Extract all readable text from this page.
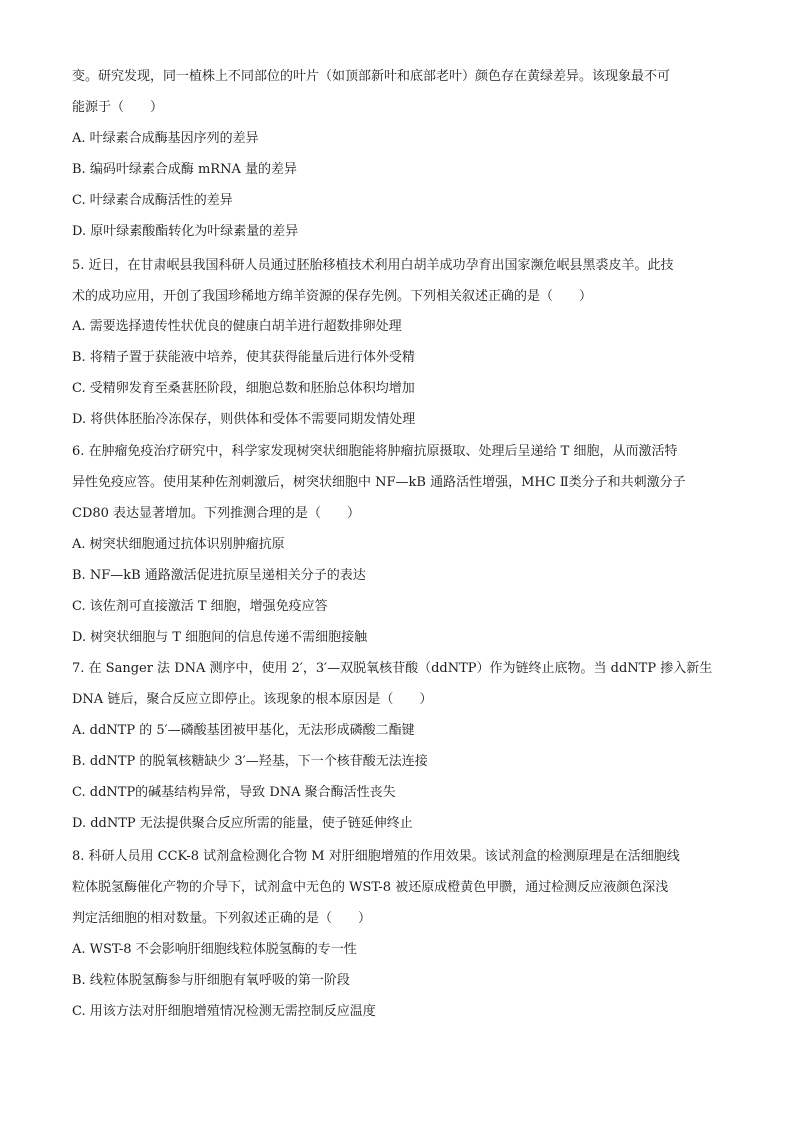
变。研究发现，同一植株上不同部位的叶片（如顶部新叶和底部老叶）颜色存在黄绿差异。该现象最不可
能源于（　　）
A. 叶绿素合成酶基因序列的差异
B. 编码叶绿素合成酶 mRNA 量的差异
C. 叶绿素合成酶活性的差异
D. 原叶绿素酸酯转化为叶绿素量的差异
5. 近日，在甘肃岷县我国科研人员通过胚胎移植技术利用白胡羊成功孕育出国家濒危岷县黑裘皮羊。此技
术的成功应用，开创了我国珍稀地方绵羊资源的保存先例。下列相关叙述正确的是（　　）
A. 需要选择遗传性状优良的健康白胡羊进行超数排卵处理
B. 将精子置于获能液中培养，使其获得能量后进行体外受精
C. 受精卵发育至桑葚胚阶段，细胞总数和胚胎总体积均增加
D. 将供体胚胎冷冻保存，则供体和受体不需要同期发情处理
6. 在肿瘤免疫治疗研究中，科学家发现树突状细胞能将肿瘤抗原摄取、处理后呈递给 T 细胞，从而激活特
异性免疫应答。使用某种佐剂刺激后，树突状细胞中 NF—kB 通路活性增强，MHC Ⅱ类分子和共刺激分子
CD80 表达显著增加。下列推测合理的是（　　）
A. 树突状细胞通过抗体识别肿瘤抗原
B. NF—kB 通路激活促进抗原呈递相关分子的表达
C. 该佐剂可直接激活 T 细胞，增强免疫应答
D. 树突状细胞与 T 细胞间的信息传递不需细胞接触
7. 在 Sanger 法 DNA 测序中，使用 2′，3′—双脱氧核苷酸（ddNTP）作为链终止底物。当 ddNTP 掺入新生
DNA 链后，聚合反应立即停止。该现象的根本原因是（　　）
A. ddNTP 的 5′—磷酸基团被甲基化，无法形成磷酸二酯键
B. ddNTP 的脱氧核糖缺少 3′—羟基，下一个核苷酸无法连接
C. ddNTP的碱基结构异常，导致 DNA 聚合酶活性丧失
D. ddNTP 无法提供聚合反应所需的能量，使子链延伸终止
8. 科研人员用 CCK-8 试剂盒检测化合物 M 对肝细胞增殖的作用效果。该试剂盒的检测原理是在活细胞线
粒体脱氢酶催化产物的介导下，试剂盒中无色的 WST-8 被还原成橙黄色甲臜，通过检测反应液颜色深浅
判定活细胞的相对数量。下列叙述正确的是（　　）
A. WST-8 不会影响肝细胞线粒体脱氢酶的专一性
B. 线粒体脱氢酶参与肝细胞有氧呼吸的第一阶段
C. 用该方法对肝细胞增殖情况检测无需控制反应温度
